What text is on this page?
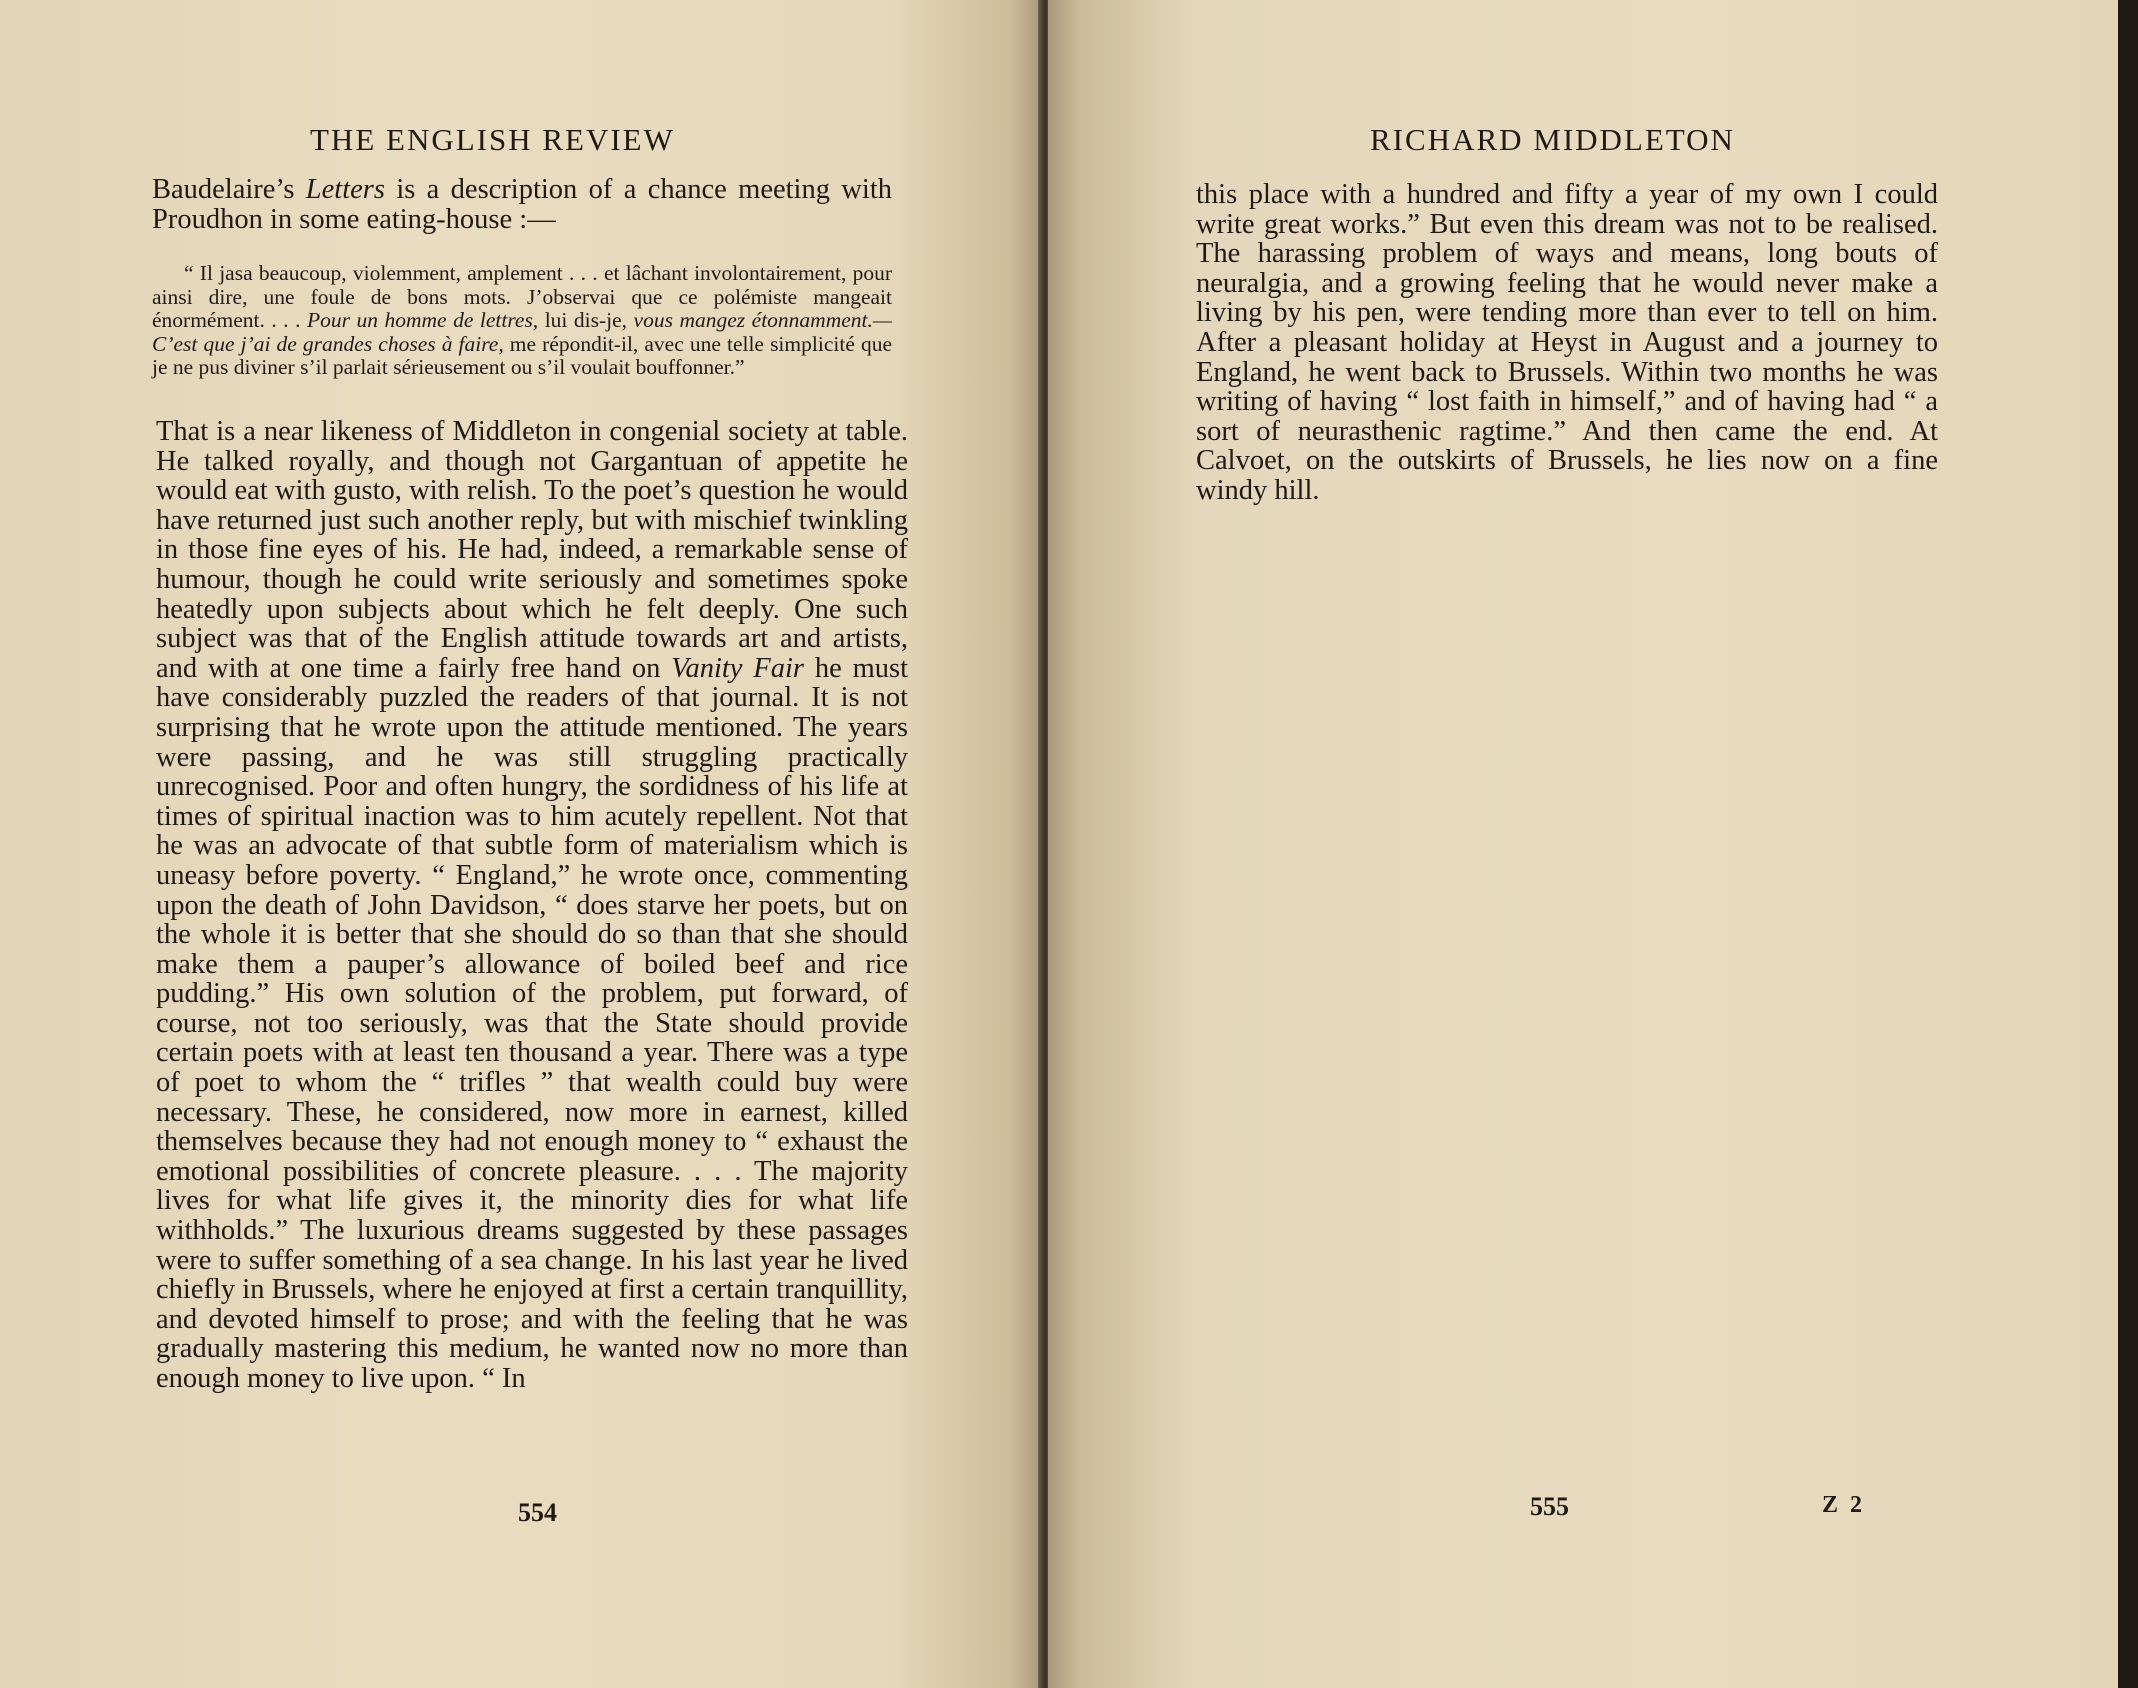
THE ENGLISH REVIEW

Baudelaire’s Letters is a description of a chance meeting with Proudhon in some eating-house :—

“ Il jasa beaucoup, violemment, amplement . . . et lâchant involontairement, pour ainsi dire, une foule de bons mots. J’observai que ce polémiste mangeait énormément. . . . Pour un homme de lettres, lui dis-je, vous mangez étonnamment.—C’est que j’ai de grandes choses à faire, me répondit-il, avec une telle simplicité que je ne pus diviner s’il parlait sérieusement ou s’il voulait bouffonner.”

That is a near likeness of Middleton in congenial society at table. He talked royally, and though not Gargantuan of appetite he would eat with gusto, with relish. To the poet’s question he would have returned just such another reply, but with mischief twinkling in those fine eyes of his. He had, indeed, a remarkable sense of humour, though he could write seriously and sometimes spoke heatedly upon subjects about which he felt deeply. One such subject was that of the English attitude towards art and artists, and with at one time a fairly free hand on Vanity Fair he must have considerably puzzled the readers of that journal. It is not surprising that he wrote upon the attitude mentioned. The years were passing, and he was still struggling practically unrecognised. Poor and often hungry, the sordidness of his life at times of spiritual inaction was to him acutely repellent. Not that he was an advocate of that subtle form of materialism which is uneasy before poverty. “ England,” he wrote once, commenting upon the death of John Davidson, “ does starve her poets, but on the whole it is better that she should do so than that she should make them a pauper’s allowance of boiled beef and rice pudding.” His own solution of the problem, put forward, of course, not too seriously, was that the State should provide certain poets with at least ten thousand a year. There was a type of poet to whom the “ trifles ” that wealth could buy were necessary. These, he considered, now more in earnest, killed themselves because they had not enough money to “ exhaust the emotional possibilities of concrete pleasure. . . . The majority lives for what life gives it, the minority dies for what life withholds.” The luxurious dreams suggested by these passages were to suffer something of a sea change. In his last year he lived chiefly in Brussels, where he enjoyed at first a certain tranquillity, and devoted himself to prose; and with the feeling that he was gradually mastering this medium, he wanted now no more than enough money to live upon. “ In

554
RICHARD MIDDLETON

this place with a hundred and fifty a year of my own I could write great works.” But even this dream was not to be realised. The harassing problem of ways and means, long bouts of neuralgia, and a growing feeling that he would never make a living by his pen, were tending more than ever to tell on him. After a pleasant holiday at Heyst in August and a journey to England, he went back to Brussels. Within two months he was writing of having “ lost faith in himself,” and of having had “ a sort of neurasthenic ragtime.” And then came the end. At Calvoet, on the outskirts of Brussels, he lies now on a fine windy hill.

555	Z 2
